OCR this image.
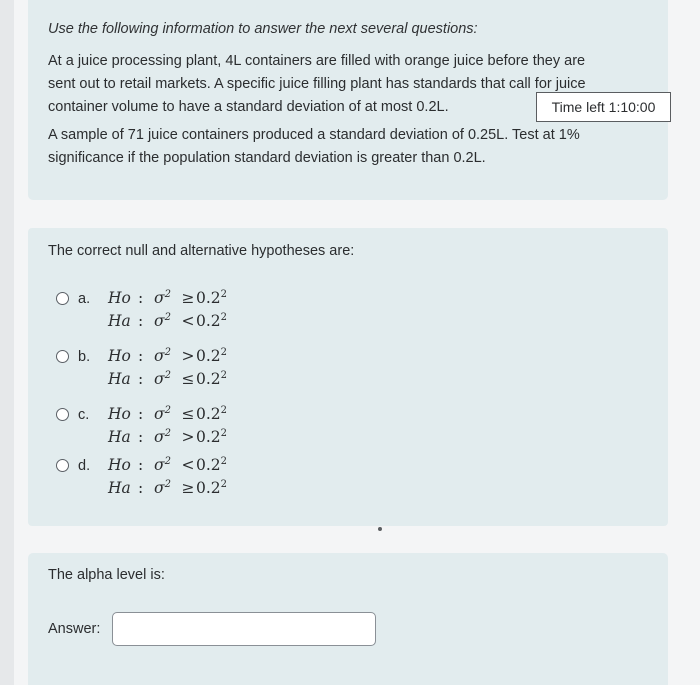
Use the following information to answer the next several questions:
At a juice processing plant, 4L containers are filled with orange juice before they are
sent out to retail markets. A specific juice filling plant has standards that call for juice
container volume to have a standard deviation of at most 0.2L.	Time left 1:10:00
A sample of 71 juice containers produced a standard deviation of 0.25L. Test at 1%
significance if the population standard deviation is greater than 0.2L.
The correct null and alternative hypotheses are:
a. Ho : $\sigma^2 \ge 0.2^2$
Ha : $\sigma^2 <0.2^2$
b. Ho : $\sigma^2 >0.2^2$
Ha : $\sigma^2 \le 0.2^2$
c. Ho : $\sigma^2 \le 0.2^2$
Ha : $\sigma^2 >0.2^2$
d. Ho : $\sigma^2 <0.2^2$
Ha : $\sigma^2 \ge 0.2^2$
The alpha level is:
Answer:
